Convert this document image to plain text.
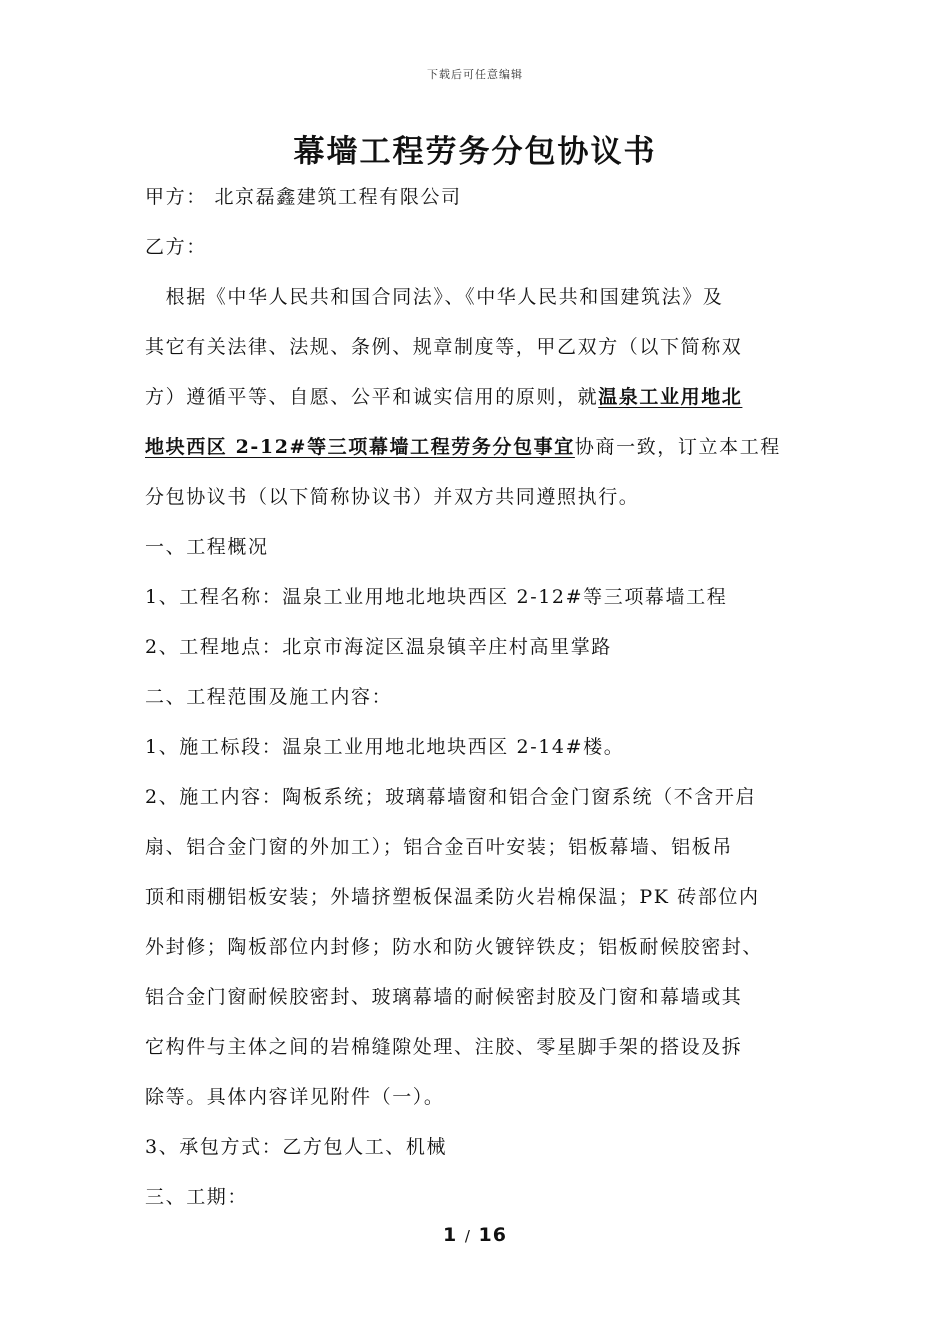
下载后可任意编辑
幕墙工程劳务分包协议书
甲方： 北京磊鑫建筑工程有限公司
乙方：
　根据《中华人民共和国合同法》、《中华人民共和国建筑法》及
其它有关法律、法规、条例、规章制度等，甲乙双方（以下简称双
方）遵循平等、自愿、公平和诚实信用的原则，就温泉工业用地北
地块西区 2-12#等三项幕墙工程劳务分包事宜协商一致，订立本工程
分包协议书（以下简称协议书）并双方共同遵照执行。
一、工程概况
1、工程名称：温泉工业用地北地块西区 2-12#等三项幕墙工程
2、工程地点：北京市海淀区温泉镇辛庄村高里掌路
二、工程范围及施工内容：
1、施工标段：温泉工业用地北地块西区 2-14#楼。
2、施工内容：陶板系统；玻璃幕墙窗和铝合金门窗系统（不含开启
扇、铝合金门窗的外加工）；铝合金百叶安装；铝板幕墙、铝板吊
顶和雨棚铝板安装；外墙挤塑板保温柔防火岩棉保温；PK 砖部位内
外封修；陶板部位内封修；防水和防火镀锌铁皮；铝板耐候胶密封、
铝合金门窗耐候胶密封、玻璃幕墙的耐候密封胶及门窗和幕墙或其
它构件与主体之间的岩棉缝隙处理、注胶、零星脚手架的搭设及拆
除等。具体内容详见附件（一）。
3、承包方式：乙方包人工、机械
三、工期：
1 / 16
